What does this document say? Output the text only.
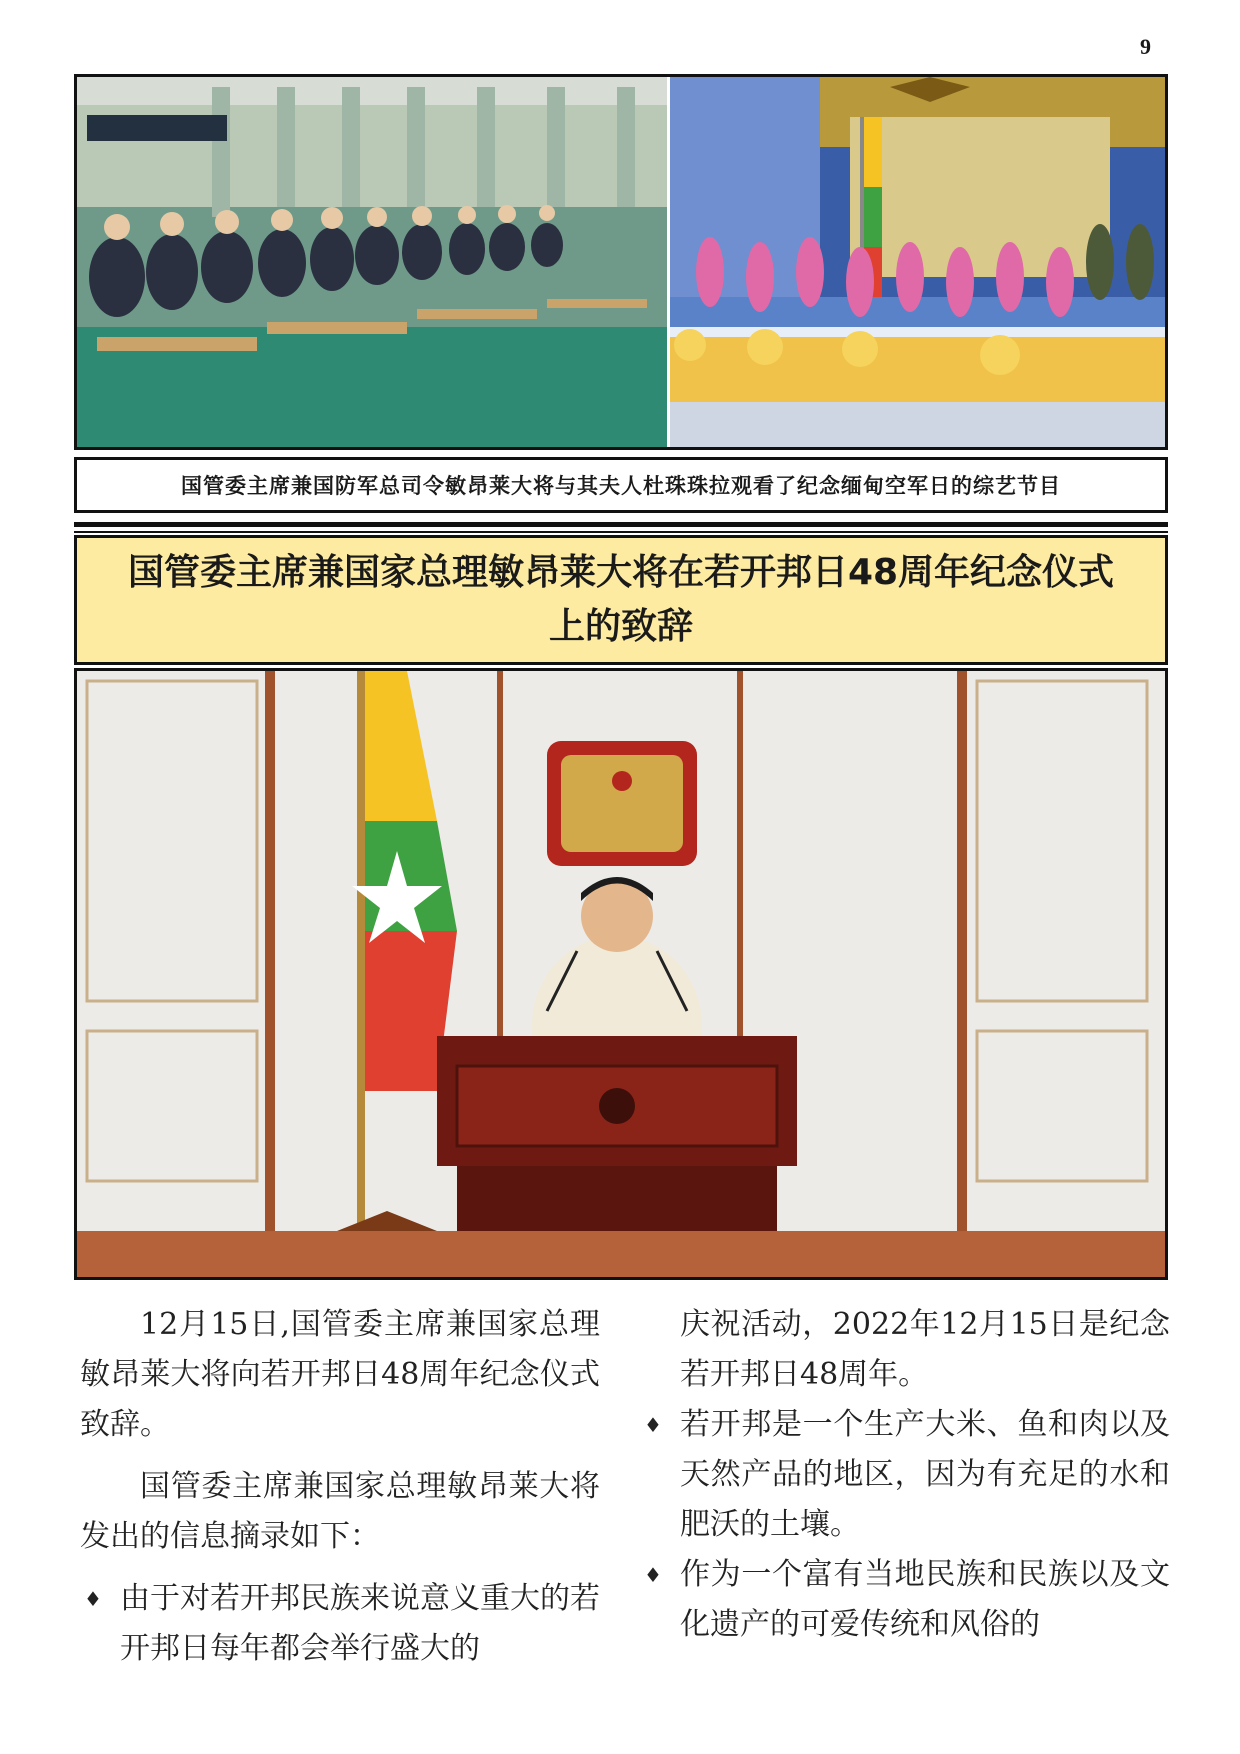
9
国管委主席兼国防军总司令敏昂莱大将与其夫人杜珠珠拉观看了纪念缅甸空军日的综艺节目
国管委主席兼国家总理敏昂莱大将在若开邦日48周年纪念仪式上的致辞

12月15日,国管委主席兼国家总理敏昂莱大将向若开邦日48周年纪念仪式致辞。

国管委主席兼国家总理敏昂莱大将发出的信息摘录如下：

♦ 由于对若开邦民族来说意义重大的若开邦日每年都会举行盛大的
庆祝活动，2022年12月15日是纪念若开邦日48周年。
♦ 若开邦是一个生产大米、鱼和肉以及天然产品的地区，因为有充足的水和肥沃的土壤。
♦ 作为一个富有当地民族和民族以及文化遗产的可爱传统和风俗的
